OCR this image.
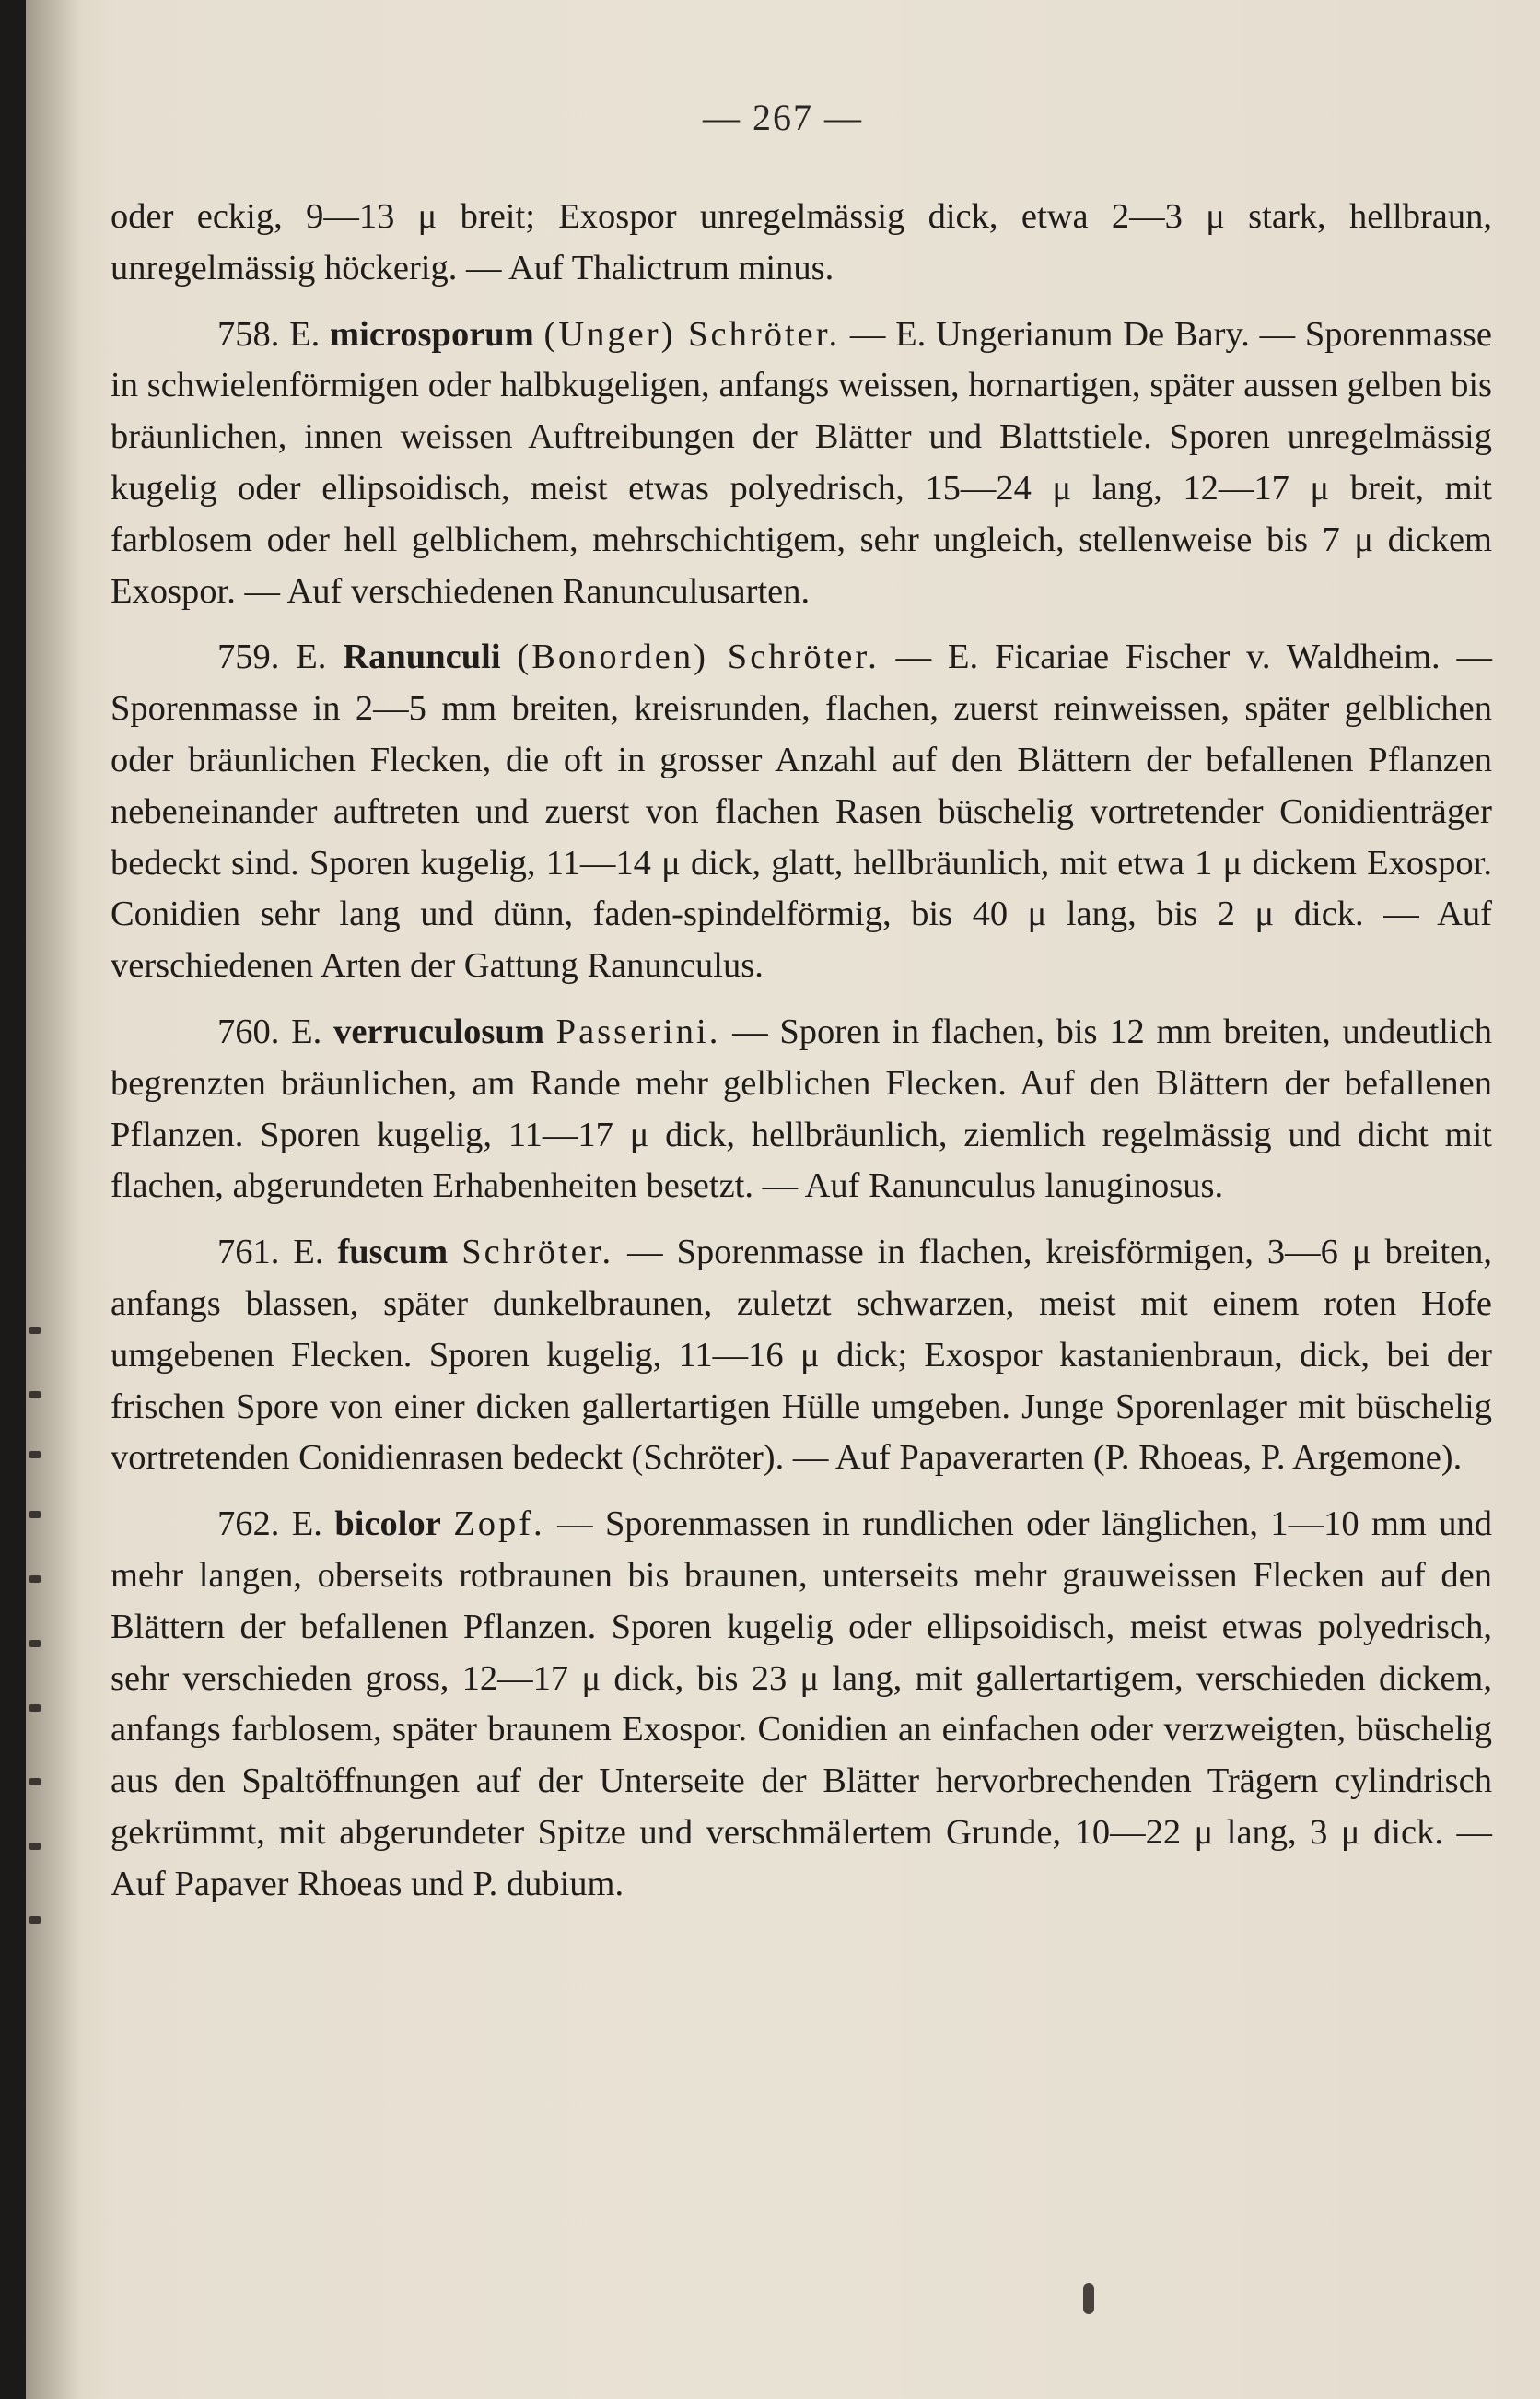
— 267 —

oder eckig, 9—13 μ breit; Exospor unregelmässig dick, etwa 2—3 μ stark, hellbraun, unregelmässig höckerig. — Auf Thalictrum minus.

758. E. microsporum (Unger) Schröter. — E. Ungerianum De Bary. — Sporenmasse in schwielenförmigen oder halbkugeligen, anfangs weissen, hornartigen, später aussen gelben bis bräunlichen, innen weissen Auftreibungen der Blätter und Blattstiele. Sporen unregelmässig kugelig oder ellipsoidisch, meist etwas polyedrisch, 15—24 μ lang, 12—17 μ breit, mit farblosem oder hell gelblichem, mehrschichtigem, sehr ungleich, stellenweise bis 7 μ dickem Exospor. — Auf verschiedenen Ranunculusarten.

759. E. Ranunculi (Bonorden) Schröter. — E. Ficariae Fischer v. Waldheim. — Sporenmasse in 2—5 mm breiten, kreisrunden, flachen, zuerst reinweissen, später gelblichen oder bräunlichen Flecken, die oft in grosser Anzahl auf den Blättern der befallenen Pflanzen nebeneinander auftreten und zuerst von flachen Rasen büschelig vortretender Conidienträger bedeckt sind. Sporen kugelig, 11—14 μ dick, glatt, hellbräunlich, mit etwa 1 μ dickem Exospor. Conidien sehr lang und dünn, faden-spindelförmig, bis 40 μ lang, bis 2 μ dick. — Auf verschiedenen Arten der Gattung Ranunculus.

760. E. verruculosum Passerini. — Sporen in flachen, bis 12 mm breiten, undeutlich begrenzten bräunlichen, am Rande mehr gelblichen Flecken. Auf den Blättern der befallenen Pflanzen. Sporen kugelig, 11—17 μ dick, hellbräunlich, ziemlich regelmässig und dicht mit flachen, abgerundeten Erhabenheiten besetzt. — Auf Ranunculus lanuginosus.

761. E. fuscum Schröter. — Sporenmasse in flachen, kreisförmigen, 3—6 μ breiten, anfangs blassen, später dunkelbraunen, zuletzt schwarzen, meist mit einem roten Hofe umgebenen Flecken. Sporen kugelig, 11—16 μ dick; Exospor kastanienbraun, dick, bei der frischen Spore von einer dicken gallertartigen Hülle umgeben. Junge Sporenlager mit büschelig vortretenden Conidienrasen bedeckt (Schröter). — Auf Papaverarten (P. Rhoeas, P. Argemone).

762. E. bicolor Zopf. — Sporenmassen in rundlichen oder länglichen, 1—10 mm und mehr langen, oberseits rotbraunen bis braunen, unterseits mehr grauweissen Flecken auf den Blättern der befallenen Pflanzen. Sporen kugelig oder ellipsoidisch, meist etwas polyedrisch, sehr verschieden gross, 12—17 μ dick, bis 23 μ lang, mit gallertartigem, verschieden dickem, anfangs farblosem, später braunem Exospor. Conidien an einfachen oder verzweigten, büschelig aus den Spaltöffnungen auf der Unterseite der Blätter hervorbrechenden Trägern cylindrisch gekrümmt, mit abgerundeter Spitze und verschmälertem Grunde, 10—22 μ lang, 3 μ dick. — Auf Papaver Rhoeas und P. dubium.
